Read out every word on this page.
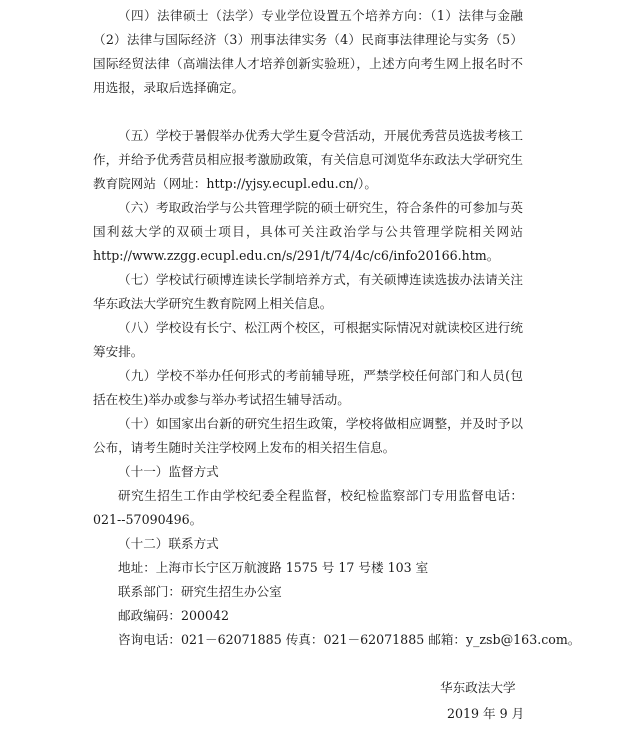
（四）法律硕士（法学）专业学位设置五个培养方向：（1）法律与金融（2）法律与国际经济（3）刑事法律实务（4）民商事法律理论与实务（5）国际经贸法律（高端法律人才培养创新实验班），上述方向考生网上报名时不用选报，录取后选择确定。

（五）学校于暑假举办优秀大学生夏令营活动，开展优秀营员选拔考核工作，并给予优秀营员相应报考激励政策，有关信息可浏览华东政法大学研究生教育院网站（网址：http://yjsy.ecupl.edu.cn/）。

（六）考取政治学与公共管理学院的硕士研究生，符合条件的可参加与英国利兹大学的双硕士项目，具体可关注政治学与公共管理学院相关网站http://www.zzgg.ecupl.edu.cn/s/291/t/74/4c/c6/info20166.htm。

（七）学校试行硕博连读长学制培养方式，有关硕博连读选拔办法请关注华东政法大学研究生教育院网上相关信息。

（八）学校设有长宁、松江两个校区，可根据实际情况对就读校区进行统筹安排。

（九）学校不举办任何形式的考前辅导班，严禁学校任何部门和人员(包括在校生)举办或参与举办考试招生辅导活动。

（十）如国家出台新的研究生招生政策，学校将做相应调整，并及时予以公布，请考生随时关注学校网上发布的相关招生信息。

（十一）监督方式

研究生招生工作由学校纪委全程监督，校纪检监察部门专用监督电话：021--57090496。

（十二）联系方式

地址：上海市长宁区万航渡路 1575 号 17 号楼 103 室

联系部门：研究生招生办公室

邮政编码：200042

咨询电话：021－62071885 传真：021－62071885 邮箱：y_zsb@163.com。

华东政法大学
2019 年 9 月
